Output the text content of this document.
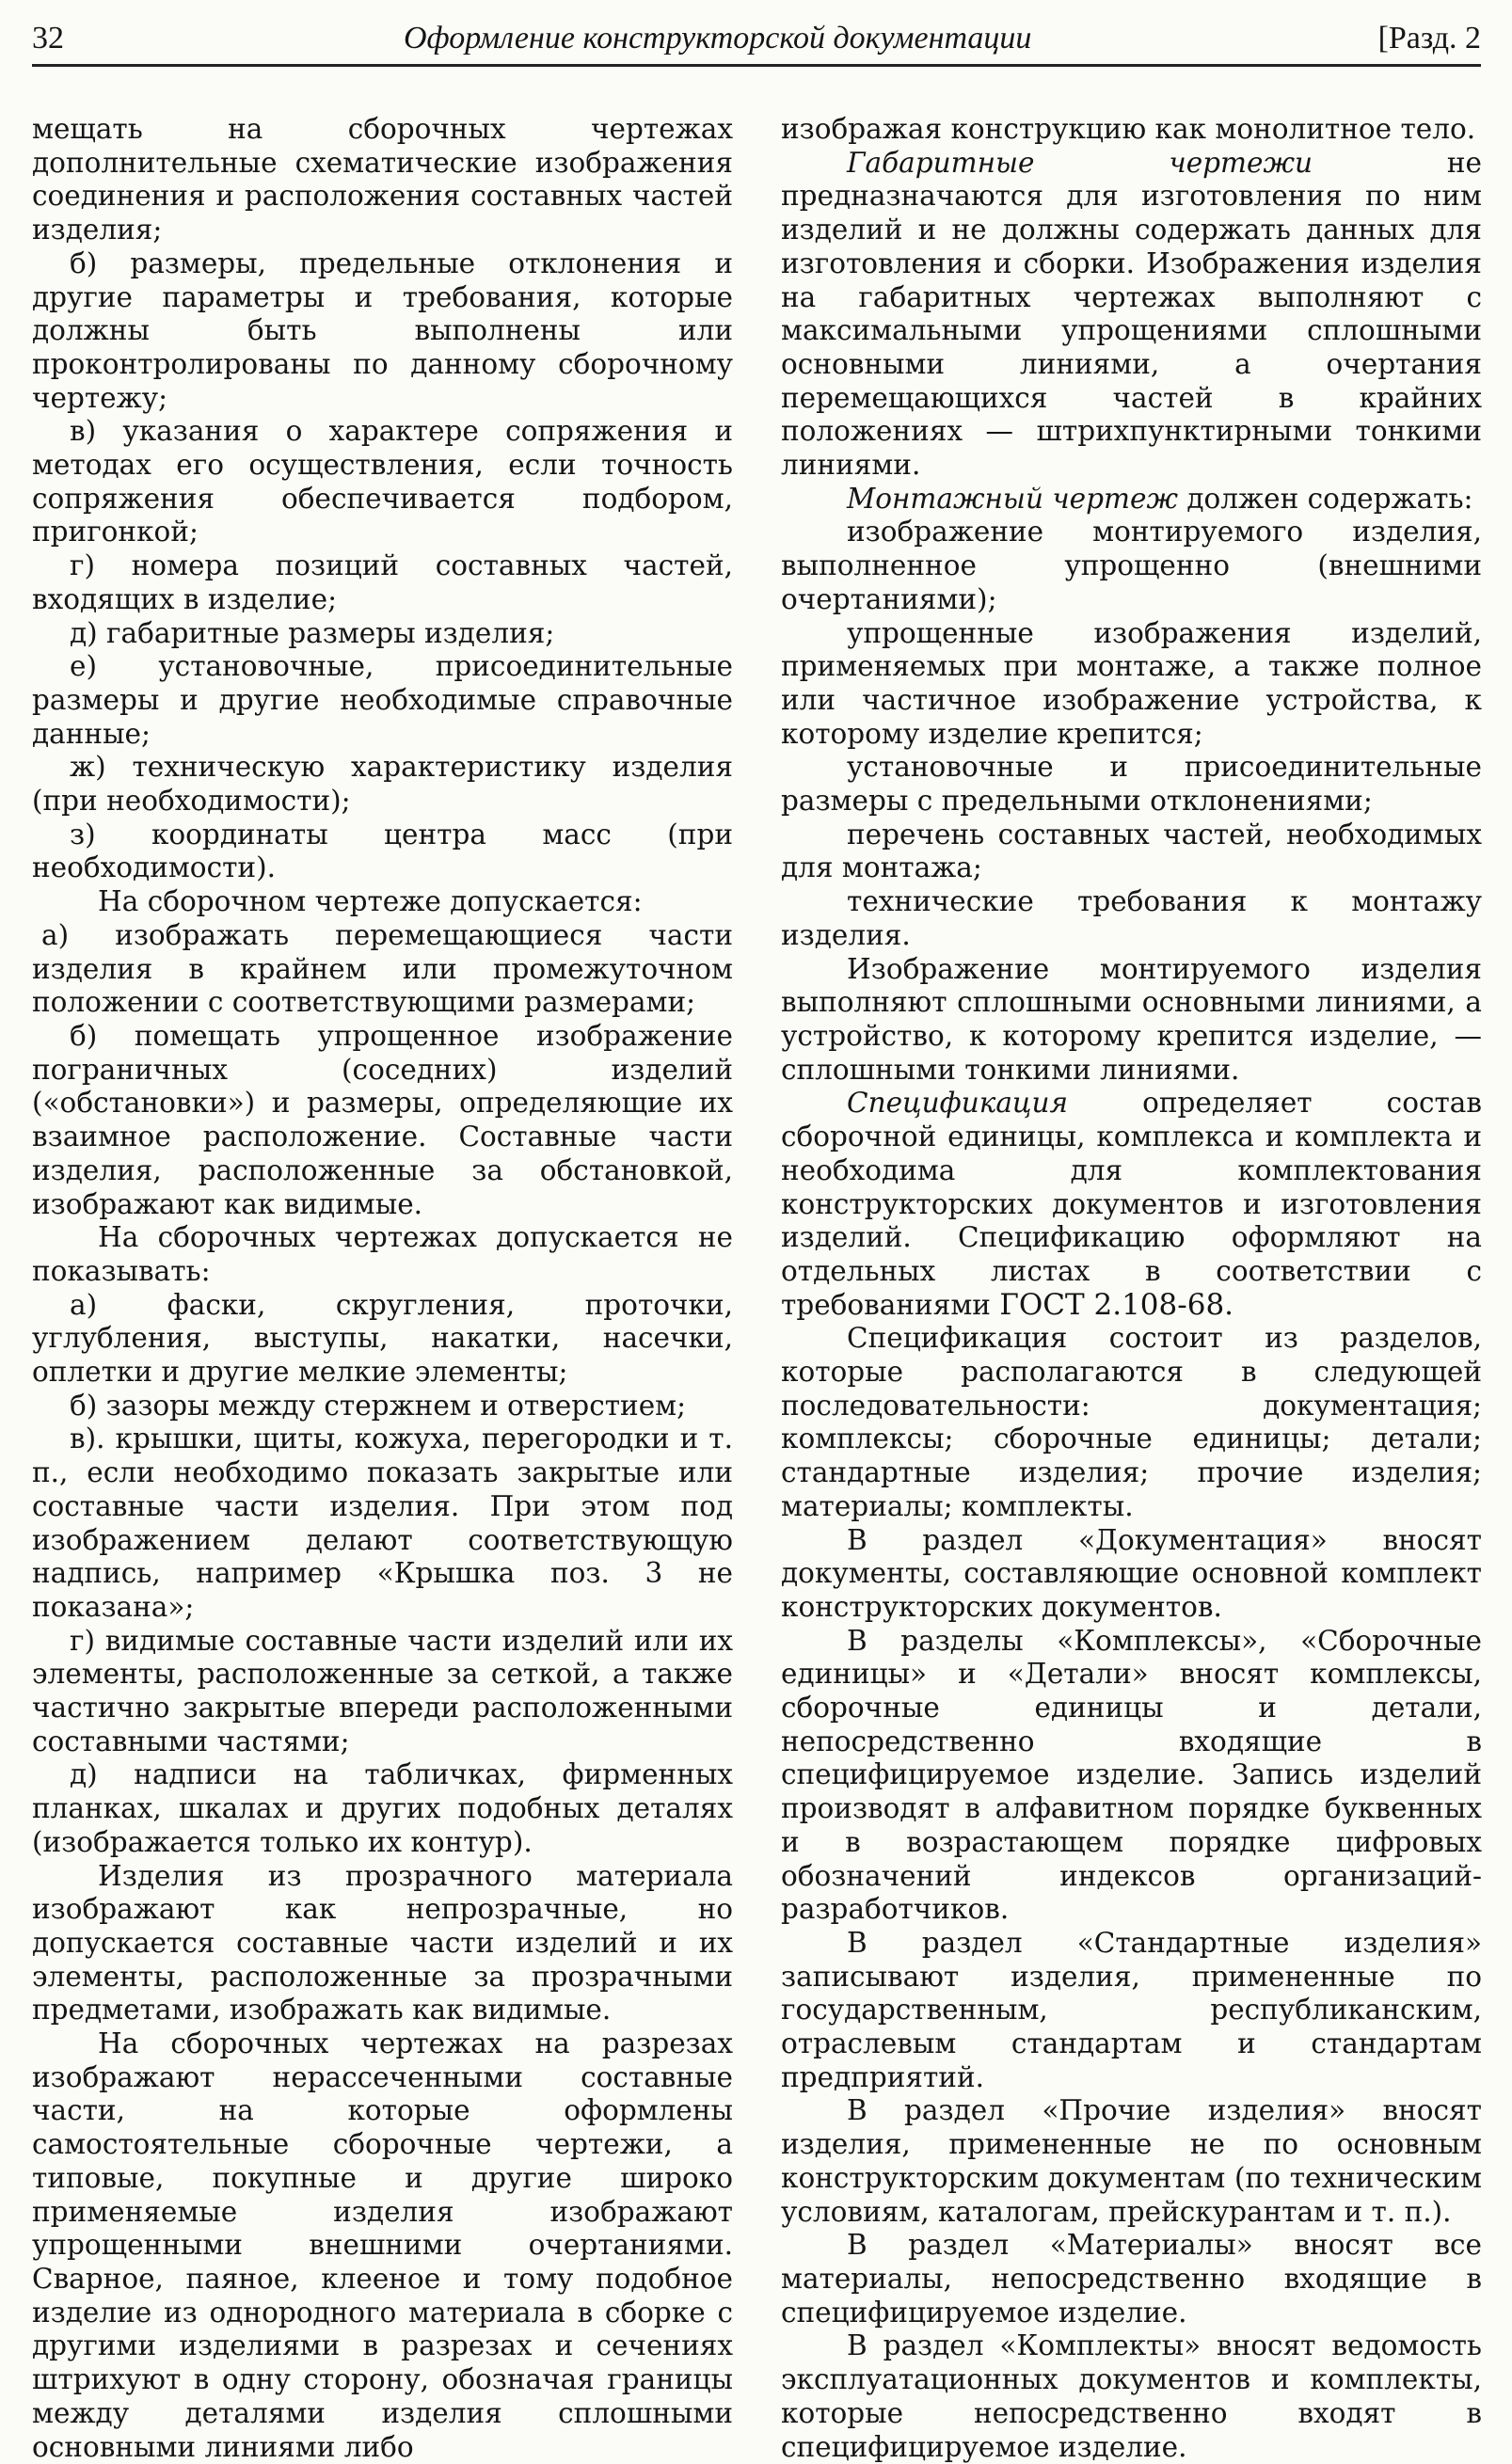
32	Оформление конструкторской документации	[Разд. 2

мещать на сборочных чертежах дополнительные схематические изображения соединения и расположения составных частей изделия;

б) размеры, предельные отклонения и другие параметры и требования, которые должны быть выполнены или проконтролированы по данному сборочному чертежу;

в) указания о характере сопряжения и методах его осуществления, если точность сопряжения обеспечивается подбором, пригонкой;

г) номера позиций составных частей, входящих в изделие;

д) габаритные размеры изделия;

е) установочные, присоединительные размеры и другие необходимые справочные данные;

ж) техническую характеристику изделия (при необходимости);

з) координаты центра масс (при необходимости).

На сборочном чертеже допускается:

а) изображать перемещающиеся части изделия в крайнем или промежуточном положении с соответствующими размерами;

б) помещать упрощенное изображение пограничных (соседних) изделий («обстановки») и размеры, определяющие их взаимное расположение. Составные части изделия, расположенные за обстановкой, изображают как видимые.

На сборочных чертежах допускается не показывать:

а) фаски, скругления, проточки, углубления, выступы, накатки, насечки, оплетки и другие мелкие элементы;

б) зазоры между стержнем и отверстием;

в). крышки, щиты, кожуха, перегородки и т. п., если необходимо показать закрытые или составные части изделия. При этом под изображением делают соответствующую надпись, например «Крышка поз. 3 не показана»;

г) видимые составные части изделий или их элементы, расположенные за сеткой, а также частично закрытые впереди расположенными составными частями;

д) надписи на табличках, фирменных планках, шкалах и других подобных деталях (изображается только их контур).

Изделия из прозрачного материала изображают как непрозрачные, но допускается составные части изделий и их элементы, расположенные за прозрачными предметами, изображать как видимые.

На сборочных чертежах на разрезах изображают нерассеченными составные части, на которые оформлены самостоятельные сборочные чертежи, а типовые, покупные и другие широко применяемые изделия изображают упрощенными внешними очертаниями. Сварное, паяное, клееное и тому подобное изделие из однородного материала в сборке с другими изделиями в разрезах и сечениях штрихуют в одну сторону, обозначая границы между деталями изделия сплошными основными линиями либо

изображая конструкцию как монолитное тело.

Габаритные чертежи не предназначаются для изготовления по ним изделий и не должны содержать данных для изготовления и сборки. Изображения изделия на габаритных чертежах выполняют с максимальными упрощениями сплошными основными линиями, а очертания перемещающихся частей в крайних положениях — штрихпунктирными тонкими линиями.

Монтажный чертеж должен содержать:

изображение монтируемого изделия, выполненное упрощенно (внешними очертаниями);

упрощенные изображения изделий, применяемых при монтаже, а также полное или частичное изображение устройства, к которому изделие крепится;

установочные и присоединительные размеры с предельными отклонениями;

перечень составных частей, необходимых для монтажа;

технические требования к монтажу изделия.

Изображение монтируемого изделия выполняют сплошными основными линиями, а устройство, к которому крепится изделие, — сплошными тонкими линиями.

Спецификация определяет состав сборочной единицы, комплекса и комплекта и необходима для комплектования конструкторских документов и изготовления изделий. Спецификацию оформляют на отдельных листах в соответствии с требованиями ГОСТ 2.108-68.

Спецификация состоит из разделов, которые располагаются в следующей последовательности: документация; комплексы; сборочные единицы; детали; стандартные изделия; прочие изделия; материалы; комплекты.

В раздел «Документация» вносят документы, составляющие основной комплект конструкторских документов.

В разделы «Комплексы», «Сборочные единицы» и «Детали» вносят комплексы, сборочные единицы и детали, непосредственно входящие в специфицируемое изделие. Запись изделий производят в алфавитном порядке буквенных и в возрастающем порядке цифровых обозначений индексов организаций-разработчиков.

В раздел «Стандартные изделия» записывают изделия, примененные по государственным, республиканским, отраслевым стандартам и стандартам предприятий.

В раздел «Прочие изделия» вносят изделия, примененные не по основным конструкторским документам (по техническим условиям, каталогам, прейскурантам и т. п.).

В раздел «Материалы» вносят все материалы, непосредственно входящие в специфицируемое изделие.

В раздел «Комплекты» вносят ведомость эксплуатационных документов и комплекты, которые непосредственно входят в специфицируемое изделие.
